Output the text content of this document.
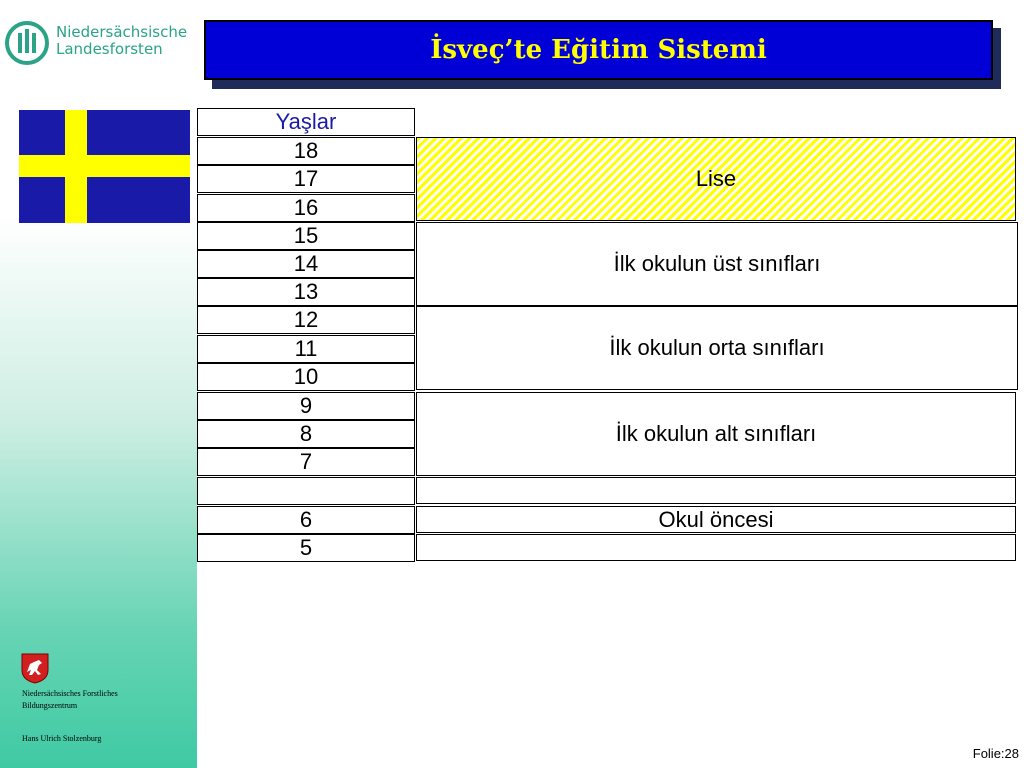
Niedersächsische
Landesforsten
Niedersächsisches Forstliches
Bildungszentrum
Hans Ulrich Stolzenburg
İsveç’te Eğitim Sistemi
Yaşlar
18
17
16
15
14
13
12
11
10
9
8
7
6
5
Lise
İlk okulun üst sınıfları
İlk okulun orta sınıfları
İlk okulun alt sınıfları
Okul öncesi
Folie:28
